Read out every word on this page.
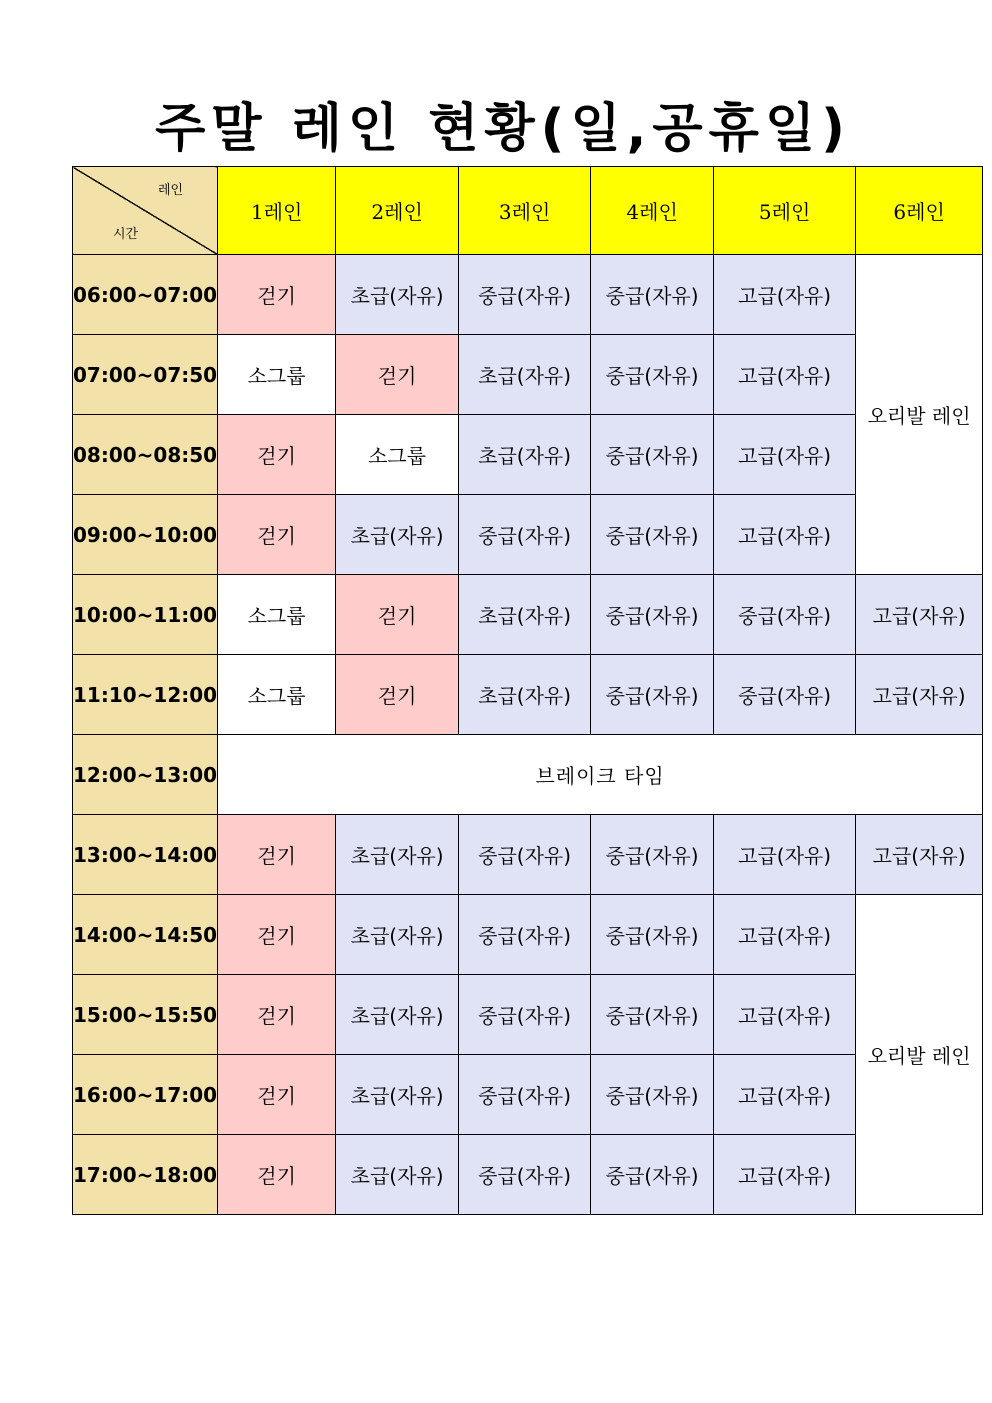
주말 레인 현황(일,공휴일)
레인
시간	1레인	2레인	3레인	4레인	5레인	6레인
06:00~07:00	걷기	초급(자유)	중급(자유)	중급(자유)	고급(자유)	오리발 레인
07:00~07:50	소그룹	걷기	초급(자유)	중급(자유)	고급(자유)	
08:00~08:50	걷기	소그룹	초급(자유)	중급(자유)	고급(자유)	
09:00~10:00	걷기	초급(자유)	중급(자유)	중급(자유)	고급(자유)	
10:00~11:00	소그룹	걷기	초급(자유)	중급(자유)	중급(자유)	고급(자유)
11:10~12:00	소그룹	걷기	초급(자유)	중급(자유)	중급(자유)	고급(자유)
12:00~13:00	브레이크 타임					
13:00~14:00	걷기	초급(자유)	중급(자유)	중급(자유)	고급(자유)	고급(자유)
14:00~14:50	걷기	초급(자유)	중급(자유)	중급(자유)	고급(자유)	오리발 레인
15:00~15:50	걷기	초급(자유)	중급(자유)	중급(자유)	고급(자유)	
16:00~17:00	걷기	초급(자유)	중급(자유)	중급(자유)	고급(자유)	
17:00~18:00	걷기	초급(자유)	중급(자유)	중급(자유)	고급(자유)	
